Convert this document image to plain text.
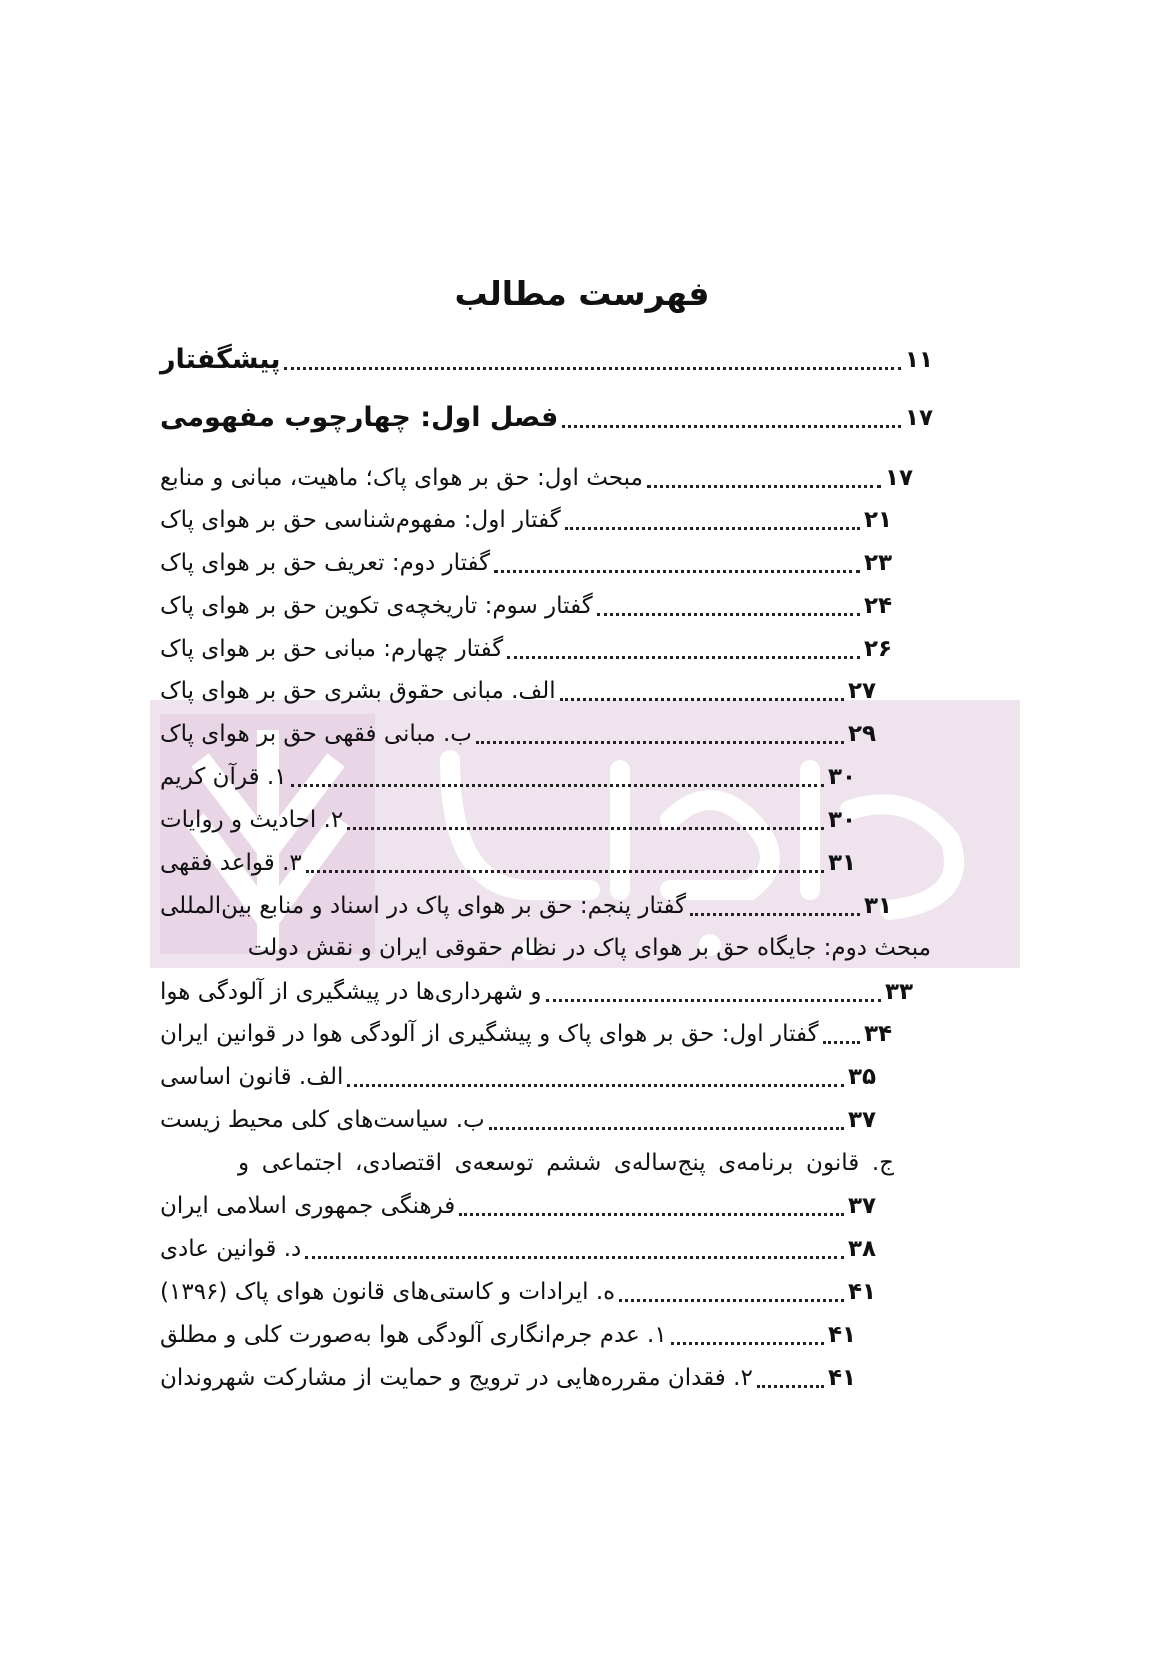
فهرست مطالب
پیشگفتار	۱۱
فصل اول: چهارچوب مفهومی	۱۷
مبحث اول: حق بر هوای پاک؛ ماهیت، مبانی و منابع	۱۷
گفتار اول: مفهوم‌شناسی حق بر هوای پاک	۲۱
گفتار دوم: تعریف حق بر هوای پاک	۲۳
گفتار سوم: تاریخچه‌ی تکوین حق بر هوای پاک	۲۴
گفتار چهارم: مبانی حق بر هوای پاک	۲۶
الف. مبانی حقوق بشری حق بر هوای پاک	۲۷
ب. مبانی فقهی حق بر هوای پاک	۲۹
۱. قرآن کریم	۳۰
۲. احادیث و روایات	۳۰
۳. قواعد فقهی	۳۱
گفتار پنجم: حق بر هوای پاک در اسناد و منابع بین‌المللی	۳۱
مبحث دوم: جایگاه حق بر هوای پاک در نظام حقوقی ایران و نقش دولت
و شهرداری‌ها در پیشگیری از آلودگی هوا	۳۳
گفتار اول: حق بر هوای پاک و پیشگیری از آلودگی هوا در قوانین ایران ۳۴
الف. قانون اساسی	۳۵
ب. سیاست‌های کلی محیط زیست	۳۷
ج. قانون برنامه‌ی پنج‌ساله‌ی ششم توسعه‌ی اقتصادی، اجتماعی و
فرهنگی جمهوری اسلامی ایران	۳۷
د. قوانین عادی	۳۸
ه. ایرادات و کاستی‌های قانون هوای پاک (۱۳۹۶)	۴۱
۱. عدم جرم‌انگاری آلودگی هوا به‌صورت کلی و مطلق	۴۱
۲. فقدان مقرره‌هایی در ترویج و حمایت از مشارکت شهروندان	۴۱
